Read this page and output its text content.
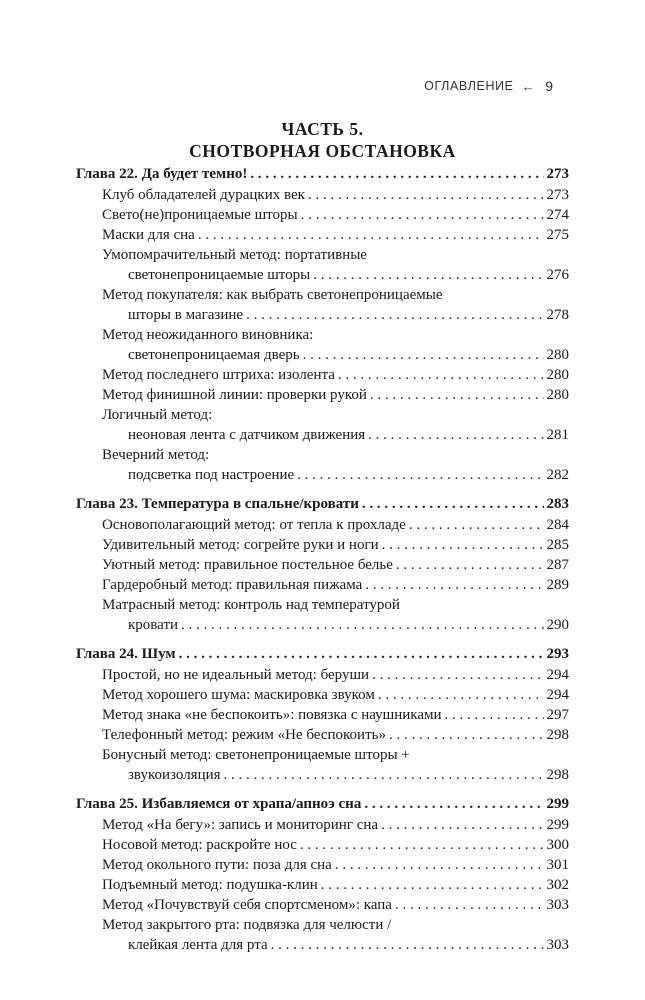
ОГЛАВЛЕНИЕ ← 9
ЧАСТЬ 5.
СНОТВОРНАЯ ОБСТАНОВКА
Глава 22. Да будет темно! . . .	273
Клуб обладателей дурацких век . . .	273
Свето(не)проницаемые шторы . . .	274
Маски для сна . . .	275
Умопомрачительный метод: портативные
светонепроницаемые шторы . . .	276
Метод покупателя: как выбрать светонепроницаемые
шторы в магазине . . .	278
Метод неожиданного виновника:
светонепроницаемая дверь . . .	280
Метод последнего штриха: изолента . . .	280
Метод финишной линии: проверки рукой . . .	280
Логичный метод:
неоновая лента с датчиком движения . . .	281
Вечерний метод:
подсветка под настроение . . .	282
Глава 23. Температура в спальне/кровати . . .	283
Основополагающий метод: от тепла к прохладе . . .	284
Удивительный метод: согрейте руки и ноги . . .	285
Уютный метод: правильное постельное белье . . .	287
Гардеробный метод: правильная пижама . . .	289
Матрасный метод: контроль над температурой
кровати . . .	290
Глава 24. Шум . . .	293
Простой, но не идеальный метод: беруши . . .	294
Метод хорошего шума: маскировка звуком . . .	294
Метод знака «не беспокоить»: повязка с наушниками . . .	297
Телефонный метод: режим «Не беспокоить» . . .	298
Бонусный метод: светонепроницаемые шторы +
звукоизоляция . . .	298
Глава 25. Избавляемся от храпа/апноэ сна . . .	299
Метод «На бегу»: запись и мониторинг сна . . .	299
Носовой метод: раскройте нос . . .	300
Метод окольного пути: поза для сна . . .	301
Подъемный метод: подушка-клин . . .	302
Метод «Почувствуй себя спортсменом»: капа . . .	303
Метод закрытого рта: подвязка для челюсти /
клейкая лента для рта . . .	303
